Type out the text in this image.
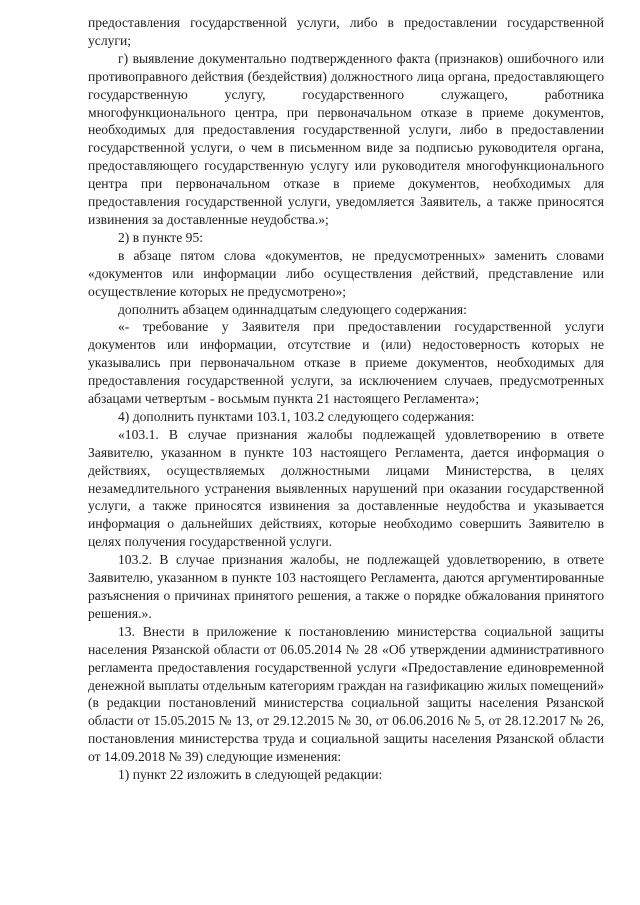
предоставления государственной услуги, либо в предоставлении государственной услуги;

г) выявление документально подтвержденного факта (признаков) ошибочного или противоправного действия (бездействия) должностного лица органа, предоставляющего государственную услугу, государственного служащего, работника многофункционального центра, при первоначальном отказе в приеме документов, необходимых для предоставления государственной услуги, либо в предоставлении государственной услуги, о чем в письменном виде за подписью руководителя органа, предоставляющего государственную услугу или руководителя многофункционального центра при первоначальном отказе в приеме документов, необходимых для предоставления государственной услуги, уведомляется Заявитель, а также приносятся извинения за доставленные неудобства.»;

2) в пункте 95:

в абзаце пятом слова «документов, не предусмотренных» заменить словами «документов или информации либо осуществления действий, представление или осуществление которых не предусмотрено»;

дополнить абзацем одиннадцатым следующего содержания:

«- требование у Заявителя при предоставлении государственной услуги документов или информации, отсутствие и (или) недостоверность которых не указывались при первоначальном отказе в приеме документов, необходимых для предоставления государственной услуги, за исключением случаев, предусмотренных абзацами четвертым - восьмым пункта 21 настоящего Регламента»;

4) дополнить пунктами 103.1, 103.2 следующего содержания:

«103.1. В случае признания жалобы подлежащей удовлетворению в ответе Заявителю, указанном в пункте 103 настоящего Регламента, дается информация о действиях, осуществляемых должностными лицами Министерства, в целях незамедлительного устранения выявленных нарушений при оказании государственной услуги, а также приносятся извинения за доставленные неудобства и указывается информация о дальнейших действиях, которые необходимо совершить Заявителю в целях получения государственной услуги.

103.2. В случае признания жалобы, не подлежащей удовлетворению, в ответе Заявителю, указанном в пункте 103 настоящего Регламента, даются аргументированные разъяснения о причинах принятого решения, а также о порядке обжалования принятого решения.».

13. Внести в приложение к постановлению министерства социальной защиты населения Рязанской области от 06.05.2014 № 28 «Об утверждении административного регламента предоставления государственной услуги «Предоставление единовременной денежной выплаты отдельным категориям граждан на газификацию жилых помещений» (в редакции постановлений министерства социальной защиты населения Рязанской области от 15.05.2015 № 13, от 29.12.2015 № 30, от 06.06.2016 № 5, от 28.12.2017 № 26, постановления министерства труда и социальной защиты населения Рязанской области от 14.09.2018 № 39) следующие изменения:

1) пункт 22 изложить в следующей редакции:
